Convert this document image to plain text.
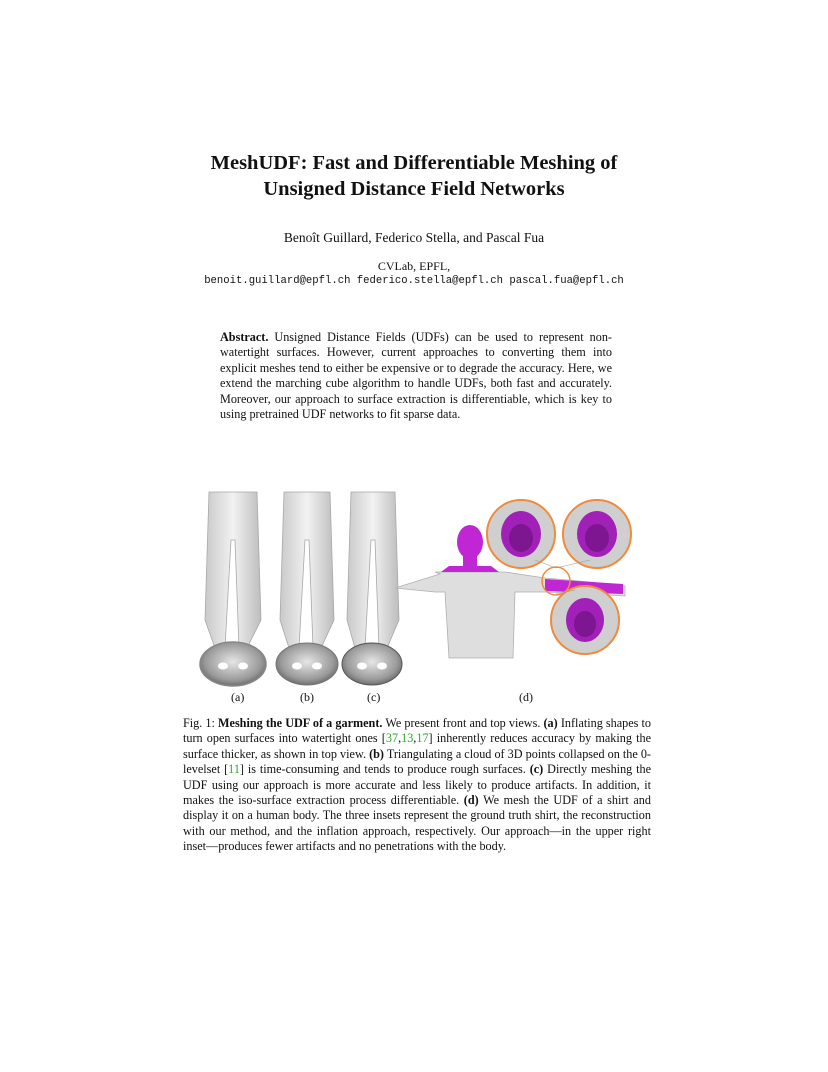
MeshUDF: Fast and Differentiable Meshing of
Unsigned Distance Field Networks
Benoît Guillard, Federico Stella, and Pascal Fua
CVLab, EPFL,
benoit.guillard@epfl.ch federico.stella@epfl.ch pascal.fua@epfl.ch
Abstract. Unsigned Distance Fields (UDFs) can be used to represent non-watertight surfaces. However, current approaches to converting them into explicit meshes tend to either be expensive or to degrade the accuracy. Here, we extend the marching cube algorithm to handle UDFs, both fast and accurately. Moreover, our approach to surface extraction is differentiable, which is key to using pretrained UDF networks to fit sparse data.
(a)	(b)	(c)	(d)
Fig. 1: Meshing the UDF of a garment. We present front and top views. (a) Inflating shapes to turn open surfaces into watertight ones [37,13,17] inherently reduces accuracy by making the surface thicker, as shown in top view. (b) Triangulating a cloud of 3D points collapsed on the 0-levelset [11] is time-consuming and tends to produce rough surfaces. (c) Directly meshing the UDF using our approach is more accurate and less likely to produce artifacts. In addition, it makes the iso-surface extraction process differentiable. (d) We mesh the UDF of a shirt and display it on a human body. The three insets represent the ground truth shirt, the reconstruction with our method, and the inflation approach, respectively. Our approach—in the upper right inset—produces fewer artifacts and no penetrations with the body.
